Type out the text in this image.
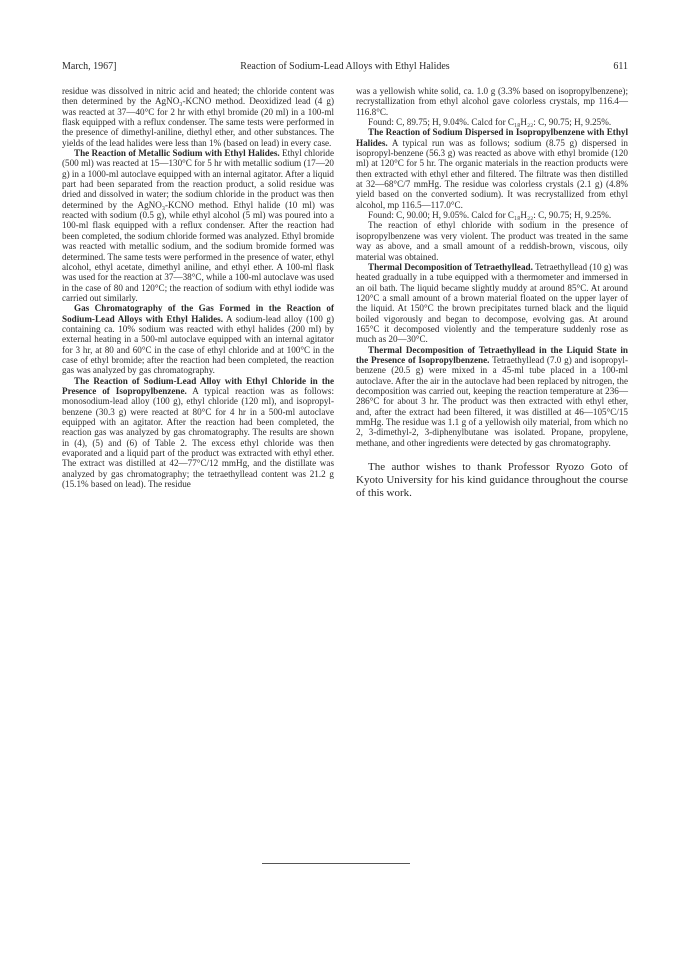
March, 1967]	Reaction of Sodium-Lead Alloys with Ethyl Halides	611

residue was dissolved in nitric acid and heated; the chloride content was then determined by the AgNO₃-KCNO method. Deoxidized lead (4 g) was reacted at 37—40°C for 2 hr with ethyl bromide (20 ml) in a 100-ml flask equipped with a reflux condenser. The same tests were performed in the presence of dimethyl-aniline, diethyl ether, and other substances. The yields of the lead halides were less than 1% (based on lead) in every case.

The Reaction of Metallic Sodium with Ethyl Halides. Ethyl chloride (500 ml) was reacted at 15—130°C for 5 hr with metallic sodium (17—20 g) in a 1000-ml autoclave equipped with an internal agitator. After a liquid part had been separated from the reaction product, a solid residue was dried and dissolved in water; the sodium chloride in the product was then determined by the AgNO₃-KCNO method. Ethyl halide (10 ml) was reacted with sodium (0.5 g), while ethyl alcohol (5 ml) was poured into a 100-ml flask equipped with a reflux condenser. After the reaction had been completed, the sodium chloride formed was analyzed. Ethyl bromide was reacted with metallic sodium, and the sodium bromide formed was determined. The same tests were performed in the presence of water, ethyl alcohol, ethyl acetate, dimethyl aniline, and ethyl ether. A 100-ml flask was used for the reaction at 37—38°C, while a 100-ml autoclave was used in the case of 80 and 120°C; the reaction of sodium with ethyl iodide was carried out similarly.

Gas Chromatography of the Gas Formed in the Reaction of Sodium-Lead Alloys with Ethyl Halides. A sodium-lead alloy (100 g) containing ca. 10% sodium was reacted with ethyl halides (200 ml) by external heating in a 500-ml autoclave equipped with an internal agitator for 3 hr, at 80 and 60°C in the case of ethyl chloride and at 100°C in the case of ethyl bromide; after the reaction had been completed, the reaction gas was analyzed by gas chromatography.

The Reaction of Sodium-Lead Alloy with Ethyl Chloride in the Presence of Isopropylbenzene. A typical reaction was as follows: monosodium-lead alloy (100 g), ethyl chloride (120 ml), and isopropyl-benzene (30.3 g) were reacted at 80°C for 4 hr in a 500-ml autoclave equipped with an agitator. After the reaction had been completed, the reaction gas was analyzed by gas chromatography. The results are shown in (4), (5) and (6) of Table 2. The excess ethyl chloride was then evaporated and a liquid part of the product was extracted with ethyl ether. The extract was distilled at 42—77°C/12 mmHg, and the distillate was analyzed by gas chromatography; the tetraethyllead content was 21.2 g (15.1% based on lead). The residue

was a yellowish white solid, ca. 1.0 g (3.3% based on isopropylbenzene); recrystallization from ethyl alcohol gave colorless crystals, mp 116.4—116.8°C.

Found: C, 89.75; H, 9.04%. Calcd for C₁₈H₂₂: C, 90.75; H, 9.25%.

The Reaction of Sodium Dispersed in Isopropylbenzene with Ethyl Halides. A typical run was as follows; sodium (8.75 g) dispersed in isopropyl-benzene (56.3 g) was reacted as above with ethyl bromide (120 ml) at 120°C for 5 hr. The organic materials in the reaction products were then extracted with ethyl ether and filtered. The filtrate was then distilled at 32—68°C/7 mmHg. The residue was colorless crystals (2.1 g) (4.8% yield based on the converted sodium). It was recrystallized from ethyl alcohol, mp 116.5—117.0°C.

Found: C, 90.00; H, 9.05%. Calcd for C₁₈H₂₂: C, 90.75; H, 9.25%.

The reaction of ethyl chloride with sodium in the presence of isopropylbenzene was very violent. The product was treated in the same way as above, and a small amount of a reddish-brown, viscous, oily material was obtained.

Thermal Decomposition of Tetraethyllead. Tetraethyllead (10 g) was heated gradually in a tube equipped with a thermometer and immersed in an oil bath. The liquid became slightly muddy at around 85°C. At around 120°C a small amount of a brown material floated on the upper layer of the liquid. At 150°C the brown precipitates turned black and the liquid boiled vigorously and began to decompose, evolving gas. At around 165°C it decomposed violently and the temperature suddenly rose as much as 20—30°C.

Thermal Decomposition of Tetraethyllead in the Liquid State in the Presence of Isopropylbenzene. Tetraethyllead (7.0 g) and isopropyl-benzene (20.5 g) were mixed in a 45-ml tube placed in a 100-ml autoclave. After the air in the autoclave had been replaced by nitrogen, the decomposition was carried out, keeping the reaction temperature at 236—286°C for about 3 hr. The product was then extracted with ethyl ether, and, after the extract had been filtered, it was distilled at 46—105°C/15 mmHg. The residue was 1.1 g of a yellowish oily material, from which no 2, 3-dimethyl-2, 3-diphenylbutane was isolated. Propane, propylene, methane, and other ingredients were detected by gas chromatography.

The author wishes to thank Professor Ryozo Goto of Kyoto University for his kind guidance throughout the course of this work.
